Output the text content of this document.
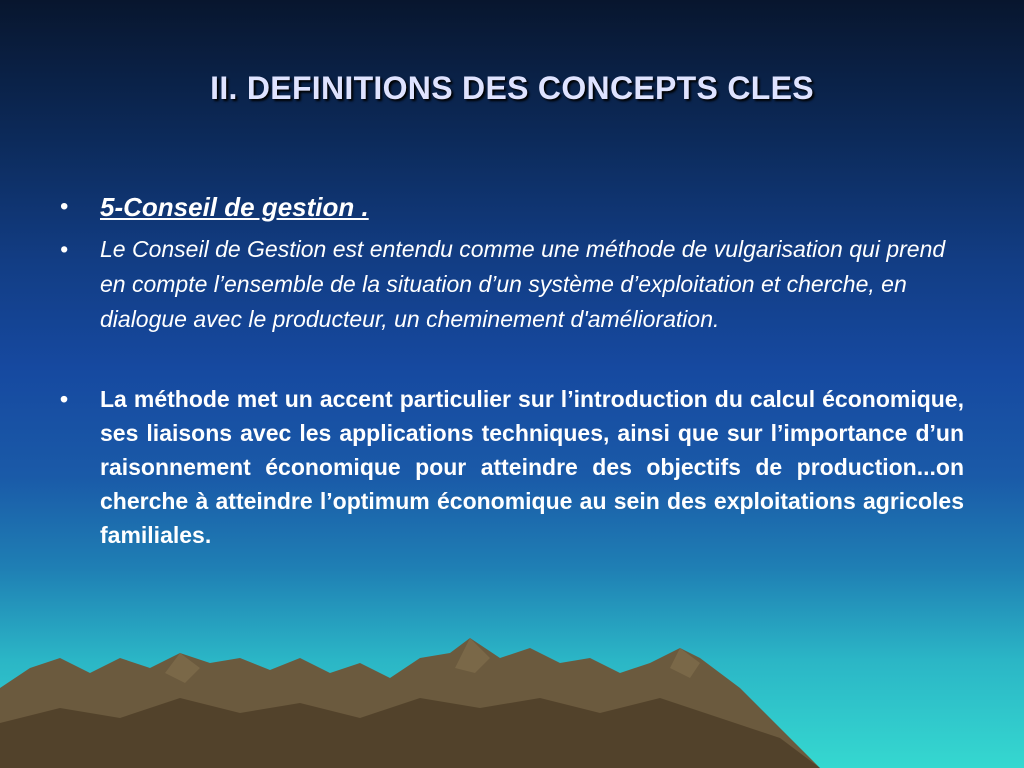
II. DEFINITIONS DES CONCEPTS CLES
•	5-Conseil de gestion .
•	Le Conseil de Gestion est entendu comme une méthode de vulgarisation qui prend en compte l’ensemble de la situation d’un système d’exploitation et cherche, en dialogue avec le producteur, un cheminement d'amélioration.
•	La méthode met un accent particulier sur l’introduction du calcul économique, ses liaisons avec les applications techniques, ainsi que sur l’importance d’un raisonnement économique pour atteindre des objectifs de production...on cherche à atteindre l’optimum économique au sein des exploitations agricoles familiales.
